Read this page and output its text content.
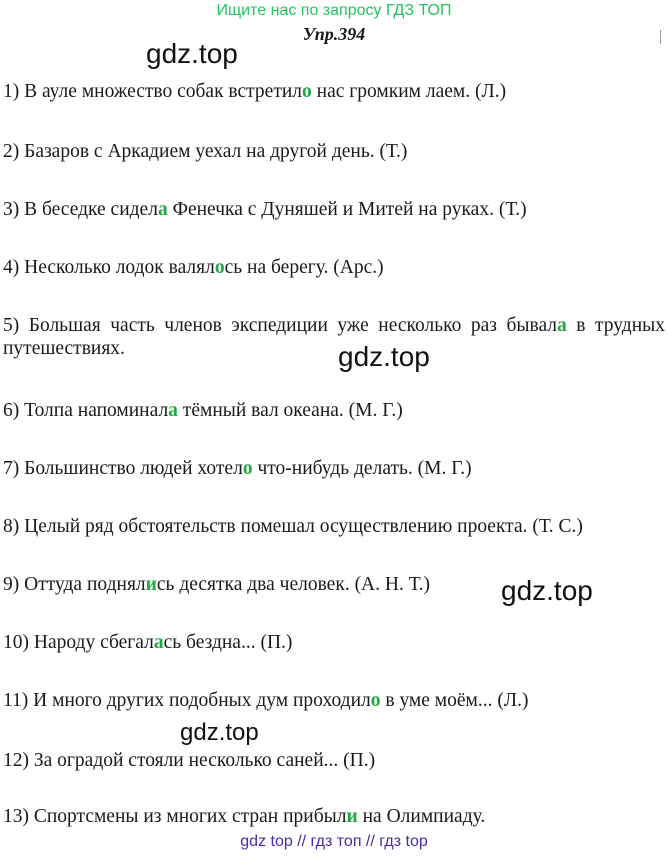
Ищите нас по запросу ГДЗ ТОП
Упр.394
gdz.top
gdz.top
gdz.top
gdz.top
1) В ауле множество собак встретило нас громким лаем. (Л.)
2) Базаров с Аркадием уехал на другой день. (Т.)
3) В беседке сидела Фенечка с Дуняшей и Митей на руках. (Т.)
4) Несколько лодок валялось на берегу. (Арс.)
5) Большая часть членов экспедиции уже несколько раз бывала в трудных путешествиях.
6) Толпа напоминала тёмный вал океана. (М. Г.)
7) Большинство людей хотело что-нибудь делать. (М. Г.)
8) Целый ряд обстоятельств помешал осуществлению проекта. (Т. С.)
9) Оттуда поднялись десятка два человек. (А. Н. Т.)
10) Народу сбегалась бездна... (П.)
11) И много других подобных дум проходило в уме моём... (Л.)
12) За оградой стояли несколько саней... (П.)
13) Спортсмены из многих стран прибыли на Олимпиаду.
gdz top // гдз топ // гдз top
